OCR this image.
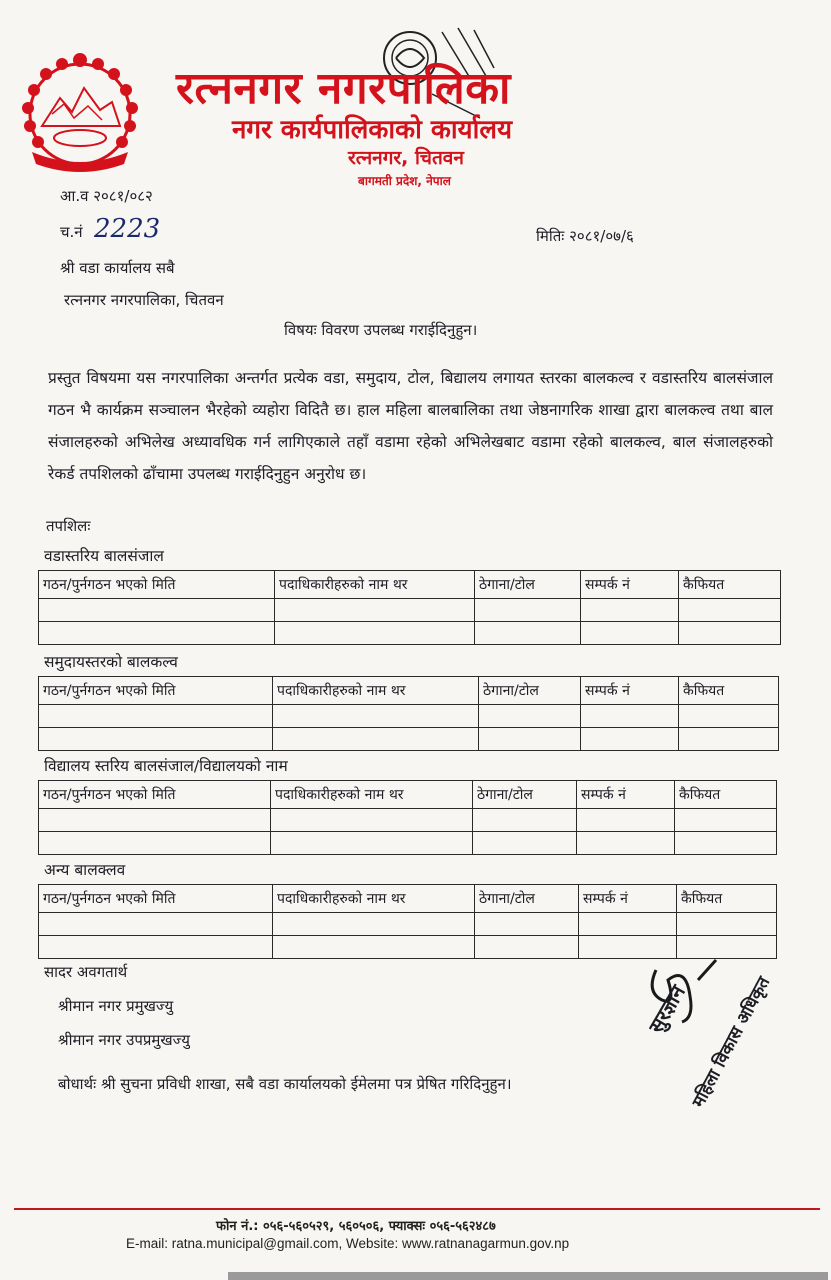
रत्ननगर नगरपालिका
नगर कार्यपालिकाको कार्यालय
रत्ननगर, चितवन
बागमती प्रदेश, नेपाल
आ.व २०८१/०८२
च.नं 2223	मितिः २०८१/०७/६
श्री वडा कार्यालय सबै
रत्ननगर नगरपालिका, चितवन
विषयः विवरण उपलब्ध गराईदिनुहुन।
प्रस्तुत विषयमा यस नगरपालिका अन्तर्गत प्रत्येक वडा, समुदाय, टोल, बिद्यालय लगायत स्तरका बालकल्व र वडास्तरिय बालसंजाल गठन भै कार्यक्रम सञ्चालन भैरहेको व्यहोरा विदितै छ। हाल महिला बालबालिका तथा जेष्ठनागरिक शाखा द्वारा बालकल्व तथा बाल संजालहरुको अभिलेख अध्यावधिक गर्न लागिएकाले तहाँ वडामा रहेको अभिलेखबाट वडामा रहेको बालकल्व, बाल संजालहरुको रेकर्ड तपशिलको ढाँचामा उपलब्ध गराईदिनुहुन अनुरोध छ।
तपशिलः
वडास्तरिय बालसंजाल
गठन/पुर्नगठन भएको मिति	पदाधिकारीहरुको नाम थर	ठेगाना/टोल	सम्पर्क नं	कैफियत

समुदायस्तरको बालकल्व
गठन/पुर्नगठन भएको मिति	पदाधिकारीहरुको नाम थर	ठेगाना/टोल	सम्पर्क नं	कैफियत

विद्यालय स्तरिय बालसंजाल/विद्यालयको नाम
गठन/पुर्नगठन भएको मिति	पदाधिकारीहरुको नाम थर	ठेगाना/टोल	सम्पर्क नं	कैफियत

अन्य बालक्लव
गठन/पुर्नगठन भएको मिति	पदाधिकारीहरुको नाम थर	ठेगाना/टोल	सम्पर्क नं	कैफियत

सादर अवगतार्थ
श्रीमान नगर प्रमुखज्यु
श्रीमान नगर उपप्रमुखज्यु
बोधार्थः श्री सुचना प्रविधी शाखा, सबै वडा कार्यालयको ईमेलमा पत्र प्रेषित गरिदिनुहुन।
सुरज्ञान
महिला विकास अधिकृत
फोन नं.: ०५६-५६०५२९, ५६०५०६, फ्याक्सः ०५६-५६२४८७
E-mail: ratna.municipal@gmail.com, Website: www.ratnanagarmun.gov.np
